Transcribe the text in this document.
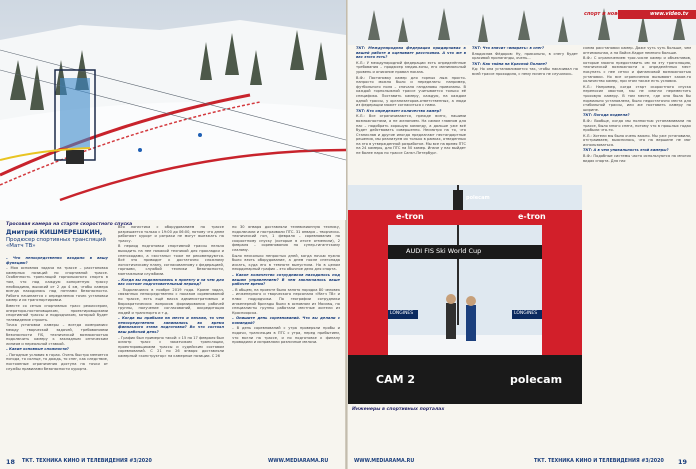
Тросовая камера на старте скоростного спуска
Дмитрий КИШМЕРЕШКИН,
Продюсер спортивных трансляций «Матч ТВ»

– Что непосредственно входило в вашу функцию?

– Моя основная задача на трассе – расстановка камерных позиций по спортивной трассе. Особенность трансляций горнолыжного спорта в том, что под каждую конкретную трассу необходимо, высокий от 2 до 4 км, чтобы камера всегда находилась над пятнами безопасности. Работа начинается с определения точек установки камер и их транспортировки.

Вместе со сетью спортивных трасс режиссером, операторо-постановщиком, проектировщиками спортивной трассы и подрядчиком, который будет телевидение строить.

Точка установки камеры – всегда компромисс между творческой задачей, требованиями безопасности FIS, технической возможностью подключить камеру к закладным оптическим линиям и нереальной ставкой.

– Какие основные сложности?

– Погодные условия в горах. Очень быстро меняется погода, то солнце, то дождь, то снег, как следствие, постоянные ограничения доступа на точки от службы правилами безопасности курорта.

Вся логистика с оборудованием по трассе разрешается только с 19:00 до 06:00, потому что днем работают курорт и ратраки не могут выезжать на трассу.

В период подготовки спортивной трассы нельзя выходить на нее никакой техникой для прокладки и снегоходами, а «экстаны» тоже не рекомендуются. Всё это приводит к достаточно сложному логистическому плану, согласованному с федерацией, горными, службой техники безопасности, монтажными службами.

– Когда вы подключились к проекту и за чем для вас состоит подготовительный период?

– Подключился в ноябре 2019 года. Кроме задач, связанных непосредственно с показом соревнований по трассе, есть ещё масса административных и бюрократических вопросов формирования рабочей группы, получение согласований, аккредитация людей и транспорта и т.д.

– Когда вы прибыли на место и начали, то чем непосредственно занимались во время финального этапа подготовки? Во что состоял ваш рабочий день?

– График был примерно такой: с 15 по 17 февраля был осмотр трасс с заказчиком трансляции, проектировщиками трассы и судейским составом соревнований. С 21 по 26 января доставляли камерный «конструктор» на камерные позиции. С 26

по 30 января доставляли телевизионную технику, подключали и настраивали ПТС. 31 января – творческо-технический гон, 1 февраля – соревнования по скоростному спуску (которые в итоге отменили), 2 февраля – соревнования по супер-гигантскому слалому.

Было несколько непростых дней, когда ночью нужно было взять оборудование, а днем после снегопада искать, куда его в темноте выпустили. Но в целом неординарный график – это обычное дело для спорта.

– Какое количество сотрудников находилось под вашим управлением? В чем заключалось ваше рабочее время?

– В общем, на проекте было занято порядка 80 человек – инженерного и творческого персонала «Матч ТВ» и плюс подрядчики. По географии сотрудники инженерной бригады были в основном из Москвы, но специалисты группы работали местные жители из Красноярска.

– Опишите день соревнований. Что вы делали с командой?

– В день соревнований с утра проверяли пробы и подачи, трансляция в ПТС с утра, перед прибытием, что могли на трассе, и по подготовке к финалу проводили и исправляли различные мелочи.

18 ТКТ. ТЕХНИКА КИНО И ТЕЛЕВИДЕНИЯ #3/2020	WWW.MEDIARAMA.RU
спорт и новости	www.video.tv

ТКТ: Международная федерация придирчивая к вашей работе и оценивает расстояния. А что же в вас этого есть?

К.Л.: У международной федерации есть определённые требования – продюсер медиа-зоны, его минимальный уровень и описание правил показа.

В.Ф.: Постановку камер для горных лыж просто-напросто можно было и переделать: например, футбольного поля – сначала гандаповы привязаны. В каждой горнолыжной трассе учитывается только её специфика. Поставить камеру, каждую, на каждом одной трассы, у организаторов-ответственных, а люди из федерации может согласиться с нами.

ТКТ: Кто определяет количество камер?

К.Л.: Все ограничиваются, прежде всего, нашими возможностями, а не желанием. На самом главном для нас – подобрать хорошую команду, а дальше уже всё будет действовать совершенно. Несмотря на то, что Станислав и другие иногда предлагают нестандартные решения, мы реализуем их только в рамках, отведенных на это в утвержденной разработке. Мы все на время ПТС на 24 камеры, для ПТС на 50 камер. Иначе у нас выйдет не более пара по трассе Санкт-Петербург.

схема расстановки камер. Даже чуть чуть больше, чем оптимальная, а на Вайсе-Кадре немного больше.

В.Ф.: С ограничением трос-числе камер и объективов, которые можно предоставить им на эту трансляцию, технической возможности о определённых мест покупать с нее сетки и финансовой возможностью установки. Но все ограничения вызывают какое-то количество камер, при этом также есть условия.

К.Л.: Например, когда старт скоростного спуска переносил хвостом, мы не смогли переместить тросовую камеру. В том месте, где она была бы нормально установлена, было недостаточно места для стабильной трассы, или же поставить камеру по ширине.

ТКТ: Погода подвела?

В.Ф.: Вообще, когда мы полностью устанавливали на трассе, было много снега, потому что в прошлых годах пробыли что-то.

К.Л.: Хотели мы было очень важно. Мы уже установили, отстраиваем, выяснилось, что на вершине не мог использоваться.

ТКТ: А в чем уникальность этой камеры?

В.Ф.: Подобные системы часто используются на многих видах спорта. Для нас

ТКТ: Что значит «вмирать» в снег?

Владислав Фёдоров: Ну, прикольно, в снегу будет красивой пропаганды, очень...

ТКТ: Как тайна на Красной Поляне?

Кд: Но она устанавливается так, чтобы накачивал по всей трассе проходила, с нему ничего не случилось.

e-tron	e-tron
AUDI FIS Ski World Cup
LONGINES	LONGINES
polecam
CAM 2	polecam
Инженеры в спортивных порталах
WWW.MEDIARAMA.RU	ТКТ. ТЕХНИКА КИНО И ТЕЛЕВИДЕНИЯ #3/2020 19
